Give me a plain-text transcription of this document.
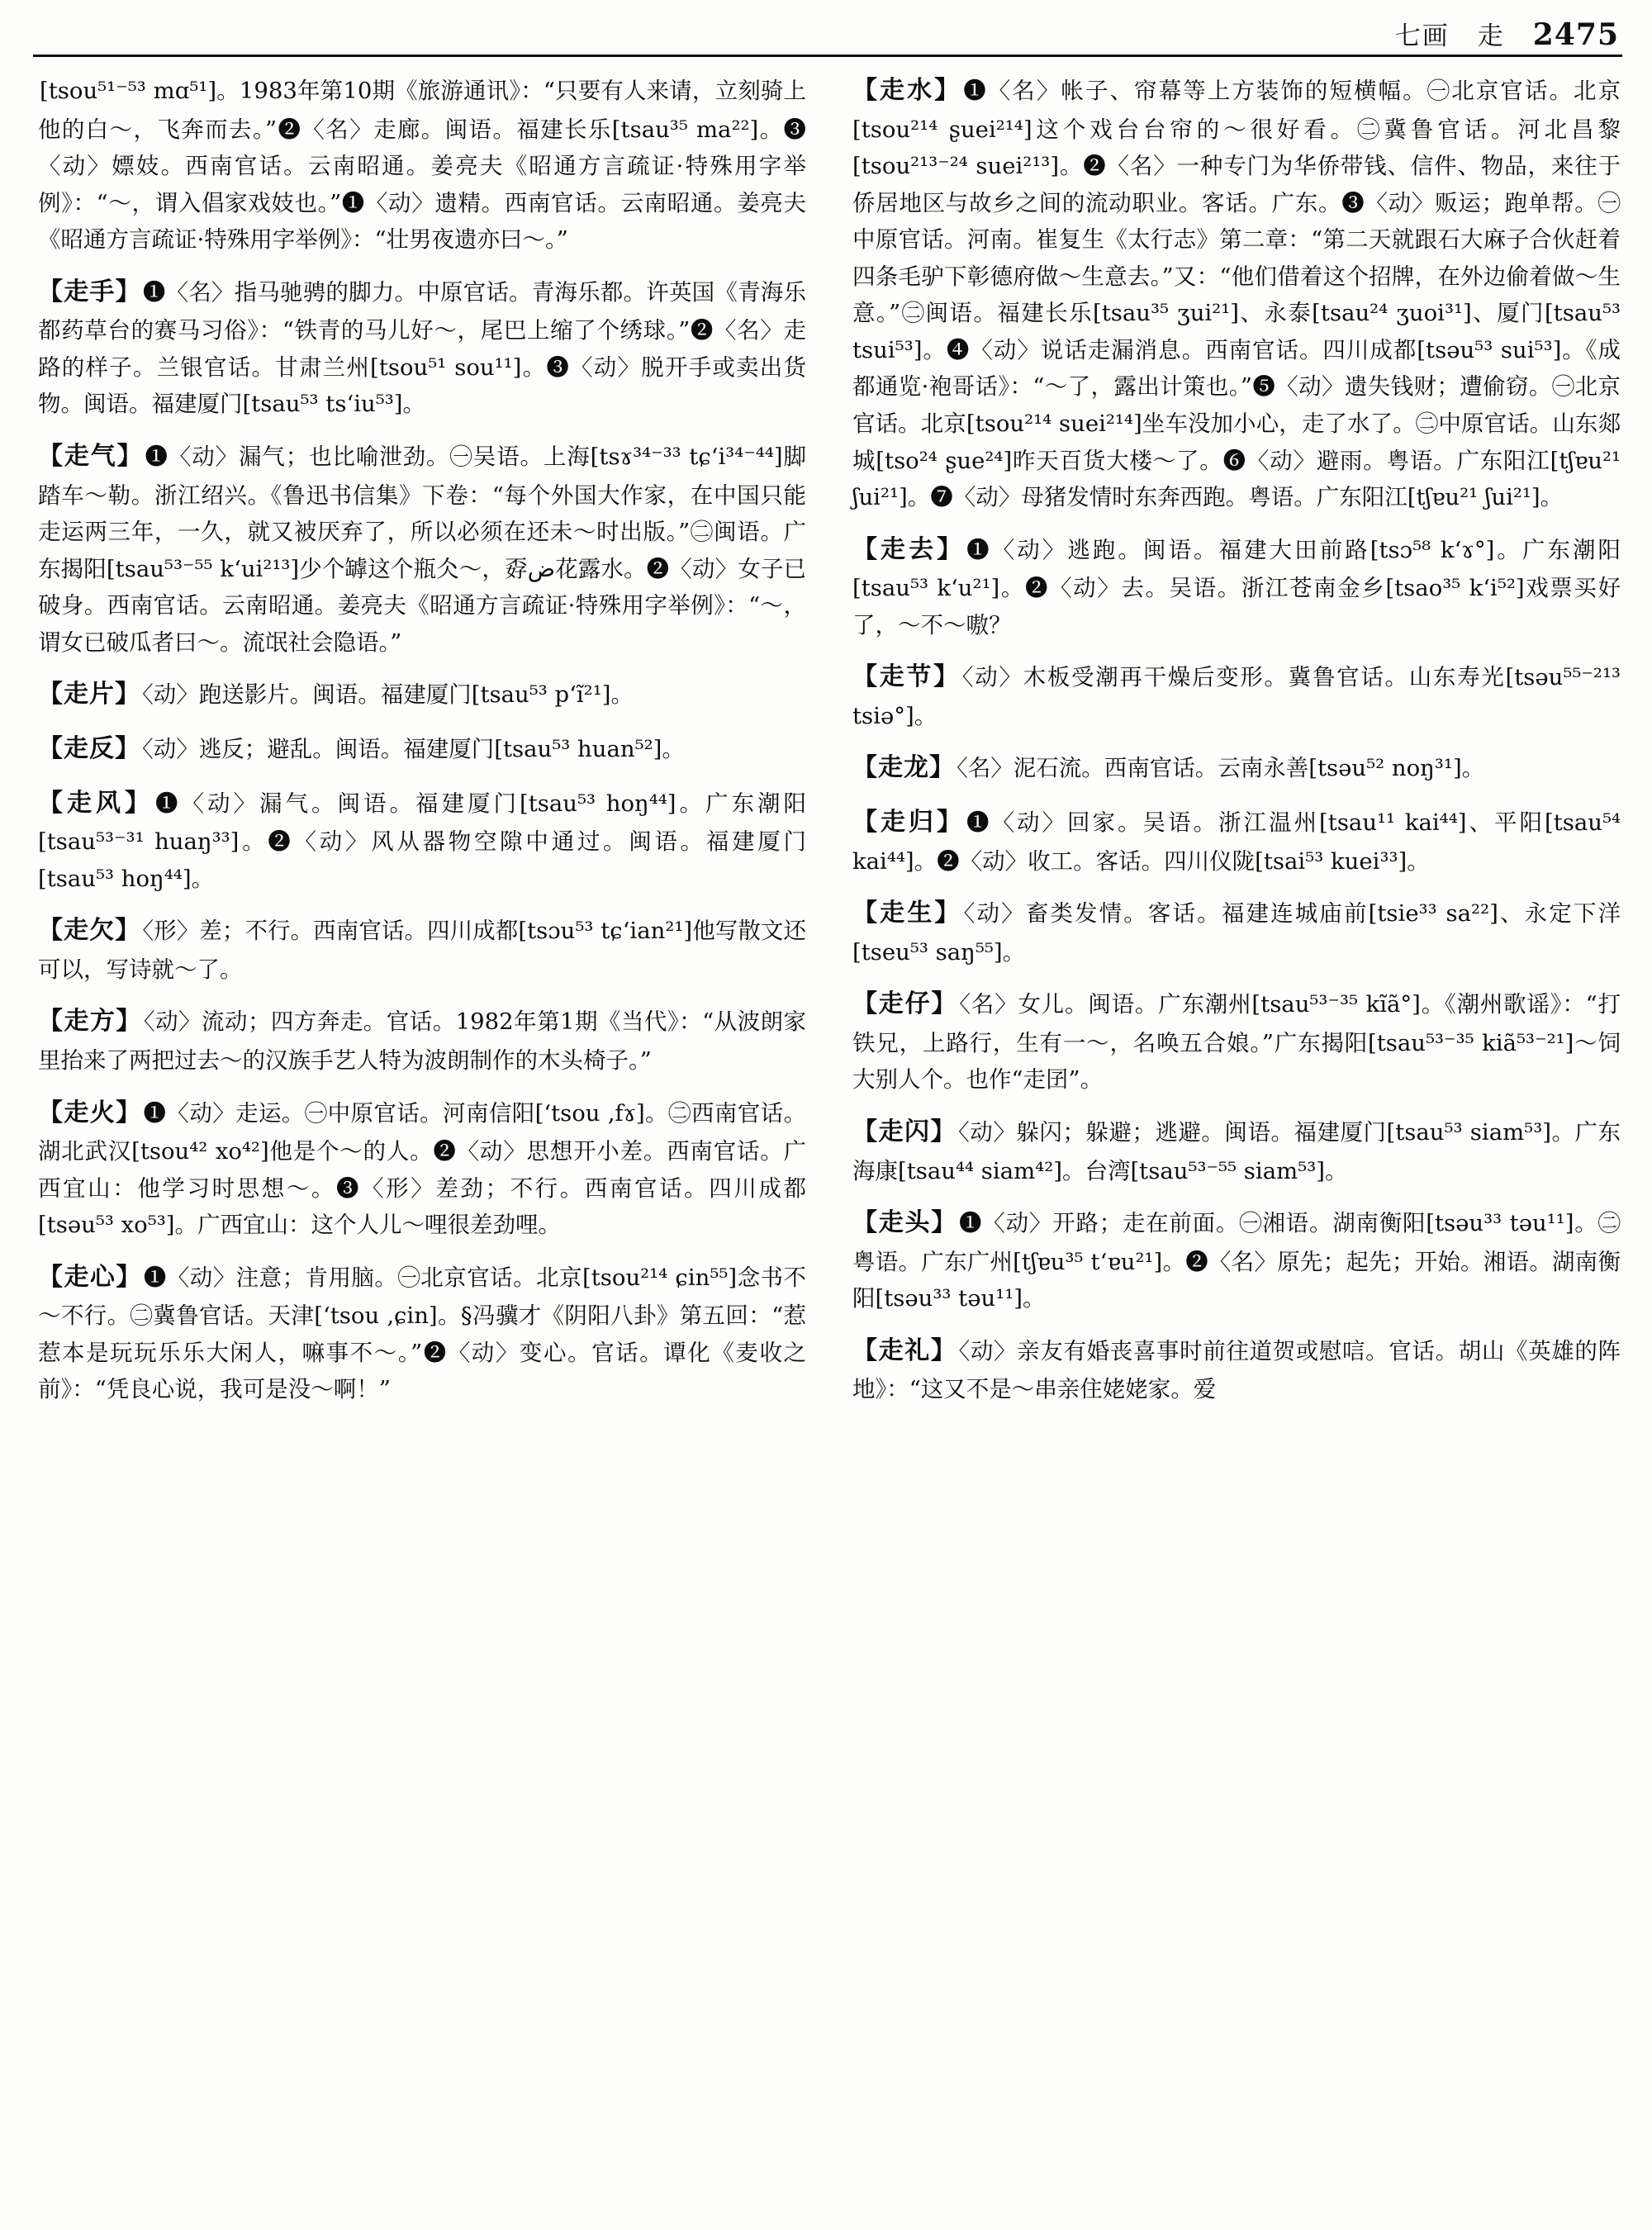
七画 走 2475
[tsou⁵¹⁻⁵³ mɑ⁵¹]。1983年第10期《旅游通讯》：“只要有人来请，立刻骑上他的白～，飞奔而去。”❷〈名〉走廊。闽语。福建长乐[tsau³⁵ ma²²]。❸〈动〉嫖妓。西南官话。云南昭通。姜亮夫《昭通方言疏证·特殊用字举例》：“～，谓入倡家戏妓也。”❶〈动〉遗精。西南官话。云南昭通。姜亮夫《昭通方言疏证·特殊用字举例》：“壮男夜遗亦曰～。”
【走手】❶〈名〉指马驰骋的脚力。中原官话。青海乐都。许英国《青海乐都药草台的赛马习俗》：“铁青的马儿好～，尾巴上缩了个绣球。”❷〈名〉走路的样子。兰银官话。甘肃兰州[tsou⁵¹ sou¹¹]。❸〈动〉脱开手或卖出货物。闽语。福建厦门[tsau⁵³ ts‘iu⁵³]。
【走气】❶〈动〉漏气；也比喻泄劲。㊀吴语。上海[tsɤ³⁴⁻³³ tɕ‘i³⁴⁻⁴⁴]脚踏车～勒。浙江绍兴。《鲁迅书信集》下卷：“每个外国大作家，在中国只能走运两三年，一久，就又被厌弃了，所以必须在还未～时出版。”㊁闽语。广东揭阳[tsau⁵³⁻⁵⁵ k‘ui²¹³]少个罅这个瓶仌～，孬ض花露水。❷〈动〉女子已破身。西南官话。云南昭通。姜亮夫《昭通方言疏证·特殊用字举例》：“～，谓女已破瓜者曰～。流氓社会隐语。”
【走片】〈动〉跑送影片。闽语。福建厦门[tsau⁵³ p‘ĩ²¹]。
【走反】〈动〉逃反；避乱。闽语。福建厦门[tsau⁵³ huan⁵²]。
【走风】❶〈动〉漏气。闽语。福建厦门[tsau⁵³ hoŋ⁴⁴]。广东潮阳[tsau⁵³⁻³¹ huaŋ³³]。❷〈动〉风从器物空隙中通过。闽语。福建厦门[tsau⁵³ hoŋ⁴⁴]。
【走欠】〈形〉差；不行。西南官话。四川成都[tsɔu⁵³ tɕ‘ian²¹]他写散文还可以，写诗就～了。
【走方】〈动〉流动；四方奔走。官话。1982年第1期《当代》：“从波朗家里抬来了两把过去～的汉族手艺人特为波朗制作的木头椅子。”
【走火】❶〈动〉走运。㊀中原官话。河南信阳[‘tsou ‚fɤ]。㊁西南官话。湖北武汉[tsou⁴² xo⁴²]他是个～的人。❷〈动〉思想开小差。西南官话。广西宜山：他学习时思想～。❸〈形〉差劲；不行。西南官话。四川成都[tsəu⁵³ xo⁵³]。广西宜山：这个人儿～哩很差劲哩。
【走心】❶〈动〉注意；肯用脑。㊀北京官话。北京[tsou²¹⁴ ɕin⁵⁵]念书不～不行。㊁冀鲁官话。天津[‘tsou ‚ɕin]。§冯骥才《阴阳八卦》第五回：“惹惹本是玩玩乐乐大闲人，嘛事不～。”❷〈动〉变心。官话。谭化《麦收之前》：“凭良心说，我可是没～啊！”
【走水】❶〈名〉帐子、帘幕等上方装饰的短横幅。㊀北京官话。北京[tsou²¹⁴ ʂuei²¹⁴]这个戏台台帘的～很好看。㊁冀鲁官话。河北昌黎[tsou²¹³⁻²⁴ suei²¹³]。❷〈名〉一种专门为华侨带钱、信件、物品，来往于侨居地区与故乡之间的流动职业。客话。广东。❸〈动〉贩运；跑单帮。㊀中原官话。河南。崔复生《太行志》第二章：“第二天就跟石大麻子合伙赶着四条毛驴下彰德府做～生意去。”又：“他们借着这个招牌，在外边偷着做～生意。”㊁闽语。福建长乐[tsau³⁵ ʒui²¹]、永泰[tsau²⁴ ʒuoi³¹]、厦门[tsau⁵³ tsui⁵³]。❹〈动〉说话走漏消息。西南官话。四川成都[tsəu⁵³ sui⁵³]。《成都通览·袍哥话》：“～了，露出计策也。”❺〈动〉遗失钱财；遭偷窃。㊀北京官话。北京[tsou²¹⁴ suei²¹⁴]坐车没加小心，走了水了。㊁中原官话。山东郯城[tso²⁴ ʂue²⁴]昨天百货大楼～了。❻〈动〉避雨。粤语。广东阳江[tʃɐu²¹ ʃui²¹]。❼〈动〉母猪发情时东奔西跑。粤语。广东阳江[tʃɐu²¹ ʃui²¹]。
【走去】❶〈动〉逃跑。闽语。福建大田前路[tsɔ⁵⁸ k‘ɤ°]。广东潮阳[tsau⁵³ k‘u²¹]。❷〈动〉去。吴语。浙江苍南金乡[tsao³⁵ k‘i⁵²]戏票买好了，～不～嗷？
【走节】〈动〉木板受潮再干燥后变形。冀鲁官话。山东寿光[tsəu⁵⁵⁻²¹³ tsiə°]。
【走龙】〈名〉泥石流。西南官话。云南永善[tsəu⁵² noŋ³¹]。
【走归】❶〈动〉回家。吴语。浙江温州[tsau¹¹ kai⁴⁴]、平阳[tsau⁵⁴ kai⁴⁴]。❷〈动〉收工。客话。四川仪陇[tsai⁵³ kuei³³]。
【走生】〈动〉畜类发情。客话。福建连城庙前[tsie³³ sa²²]、永定下洋[tseu⁵³ saŋ⁵⁵]。
【走仔】〈名〉女儿。闽语。广东潮州[tsau⁵³⁻³⁵ kĩã°]。《潮州歌谣》：“打铁兄，上路行，生有一～，名唤五合娘。”广东揭阳[tsau⁵³⁻³⁵ kiã⁵³⁻²¹]～饲大别人个。也作“走囝”。
【走闪】〈动〉躲闪；躲避；逃避。闽语。福建厦门[tsau⁵³ siam⁵³]。广东海康[tsau⁴⁴ siam⁴²]。台湾[tsau⁵³⁻⁵⁵ siam⁵³]。
【走头】❶〈动〉开路；走在前面。㊀湘语。湖南衡阳[tsəu³³ təu¹¹]。㊁粤语。广东广州[tʃɐu³⁵ t‘ɐu²¹]。❷〈名〉原先；起先；开始。湘语。湖南衡阳[tsəu³³ təu¹¹]。
【走礼】〈动〉亲友有婚丧喜事时前往道贺或慰唁。官话。胡山《英雄的阵地》：“这又不是～串亲住姥姥家。爱
